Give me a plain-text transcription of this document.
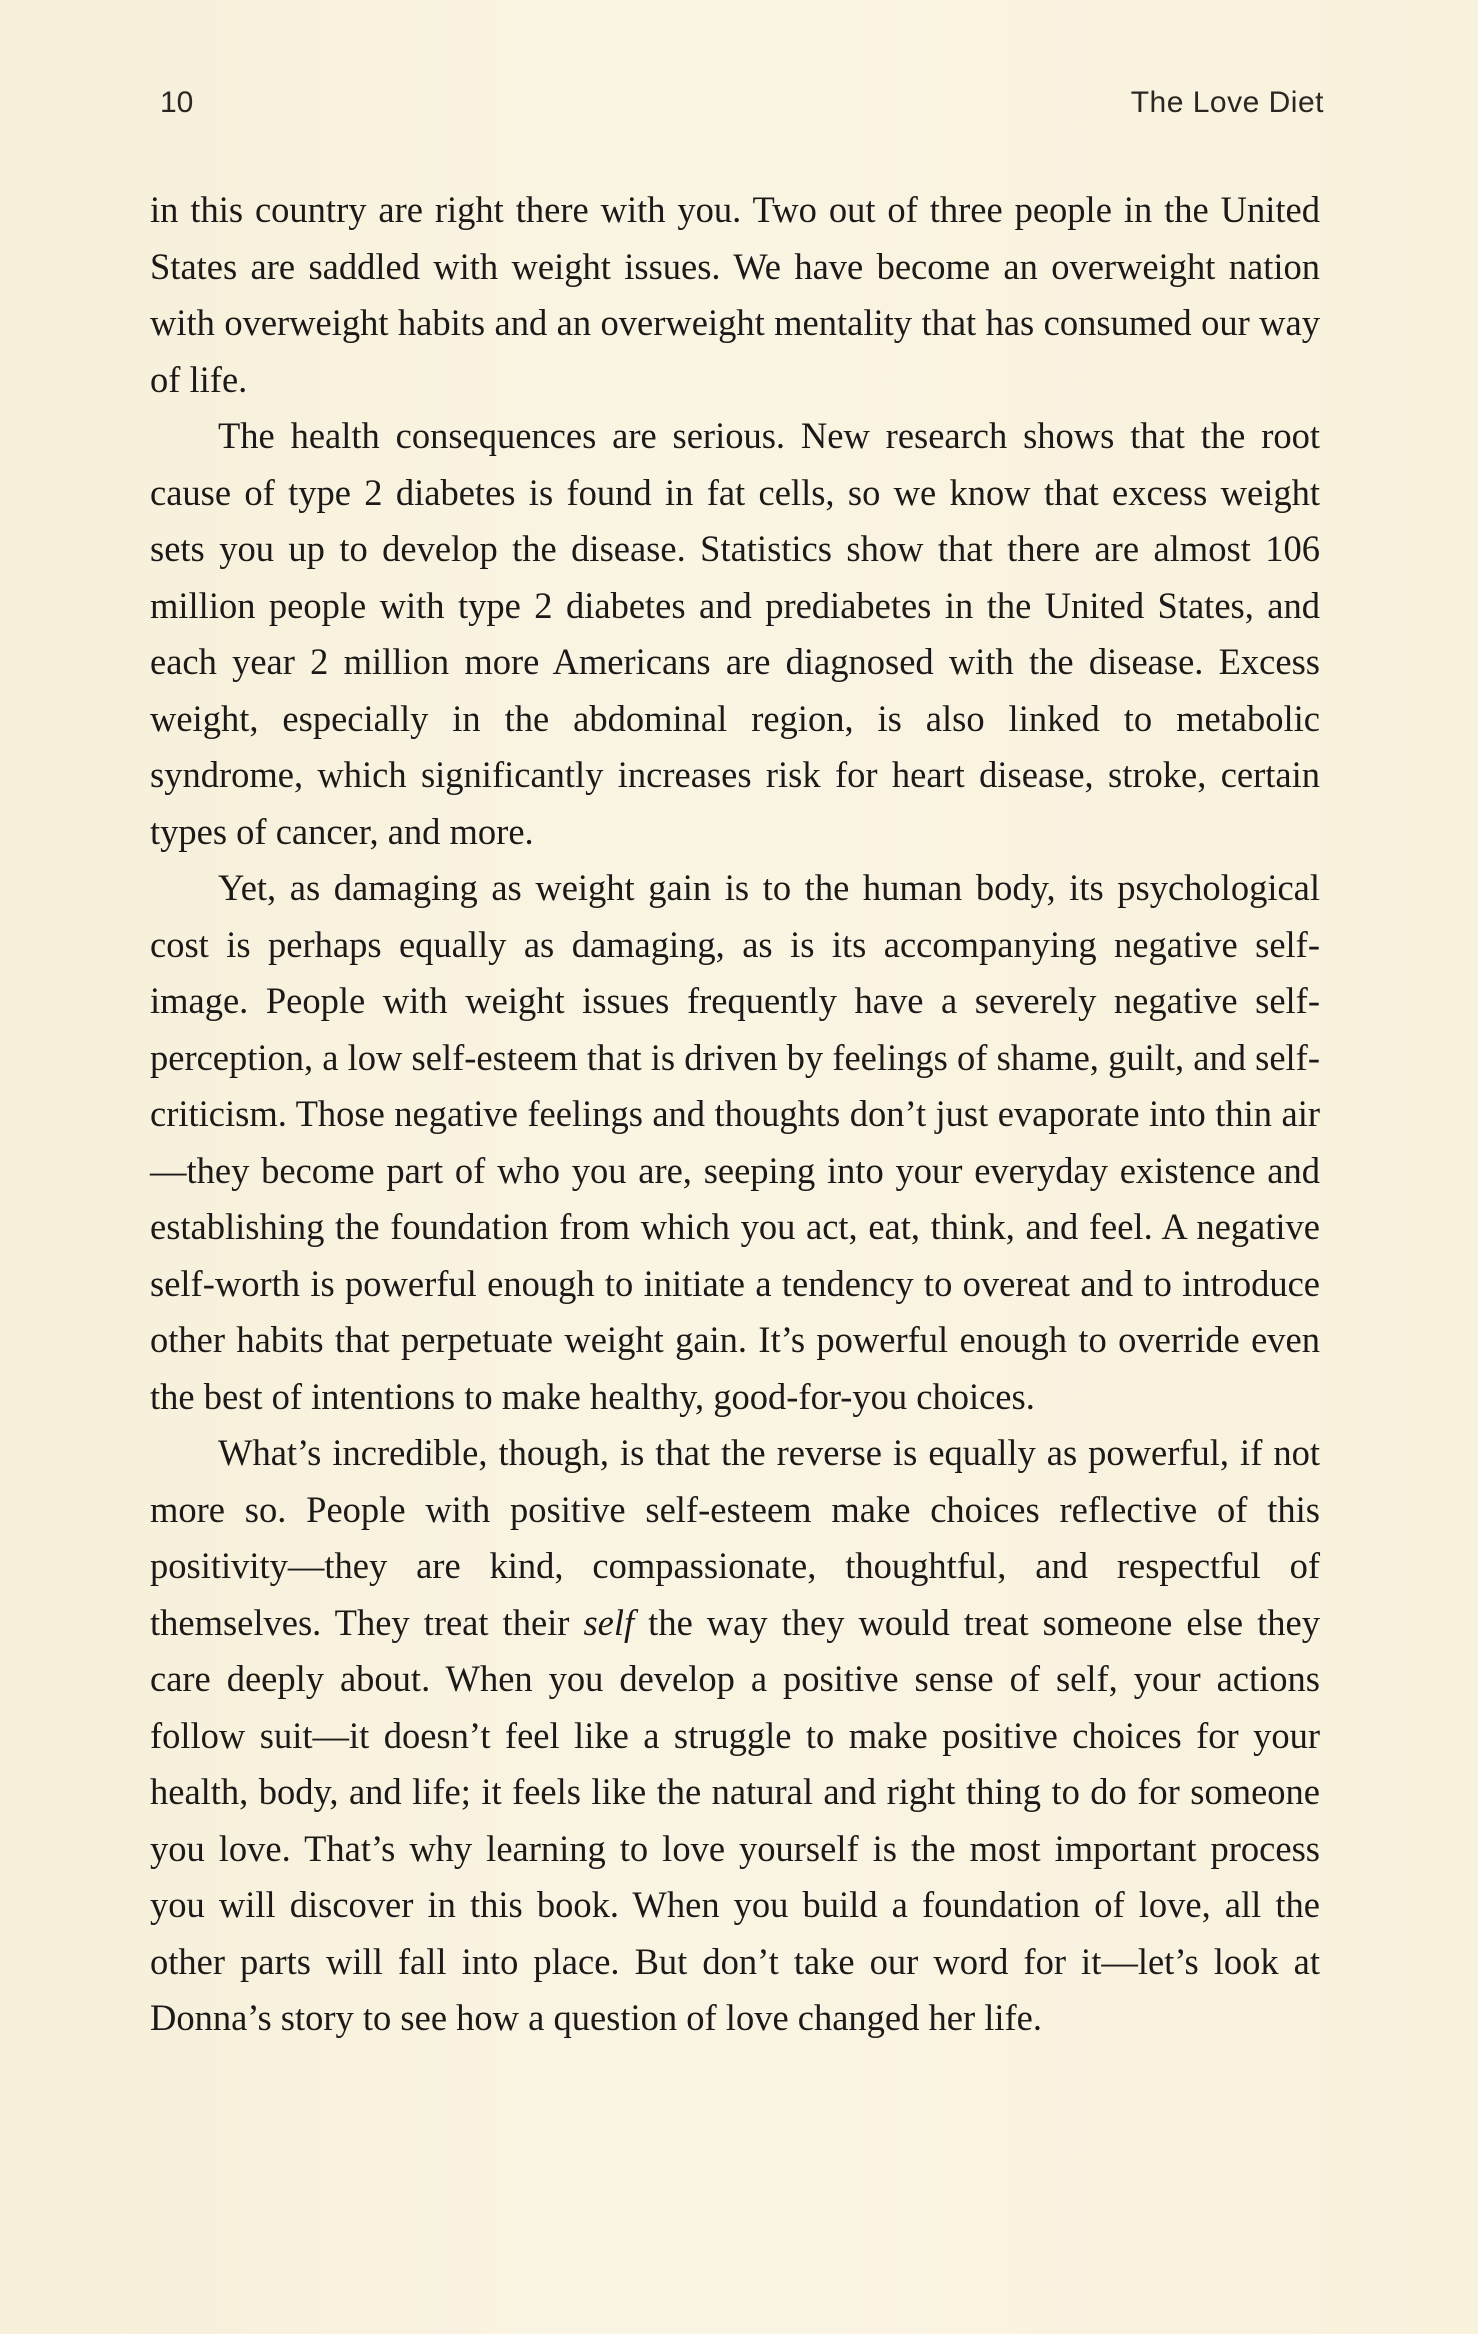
10	The Love Diet

in this country are right there with you. Two out of three people in the United States are saddled with weight issues. We have become an overweight nation with overweight habits and an overweight mentality that has consumed our way of life.

The health consequences are serious. New research shows that the root cause of type 2 diabetes is found in fat cells, so we know that excess weight sets you up to develop the disease. Statistics show that there are almost 106 million people with type 2 diabetes and prediabetes in the United States, and each year 2 million more Americans are diagnosed with the disease. Excess weight, especially in the abdominal region, is also linked to metabolic syndrome, which significantly increases risk for heart disease, stroke, certain types of cancer, and more.

Yet, as damaging as weight gain is to the human body, its psychological cost is perhaps equally as damaging, as is its accompanying negative self-image. People with weight issues frequently have a severely negative self-perception, a low self-esteem that is driven by feelings of shame, guilt, and self-criticism. Those negative feelings and thoughts don’t just evaporate into thin air—they become part of who you are, seeping into your everyday existence and establishing the foundation from which you act, eat, think, and feel. A negative self-worth is powerful enough to initiate a tendency to overeat and to introduce other habits that perpetuate weight gain. It’s powerful enough to override even the best of intentions to make healthy, good-for-you choices.

What’s incredible, though, is that the reverse is equally as powerful, if not more so. People with positive self-esteem make choices reflective of this positivity—they are kind, compassionate, thoughtful, and respectful of themselves. They treat their self the way they would treat someone else they care deeply about. When you develop a positive sense of self, your actions follow suit—it doesn’t feel like a struggle to make positive choices for your health, body, and life; it feels like the natural and right thing to do for someone you love. That’s why learning to love yourself is the most important process you will discover in this book. When you build a foundation of love, all the other parts will fall into place. But don’t take our word for it—let’s look at Donna’s story to see how a question of love changed her life.
